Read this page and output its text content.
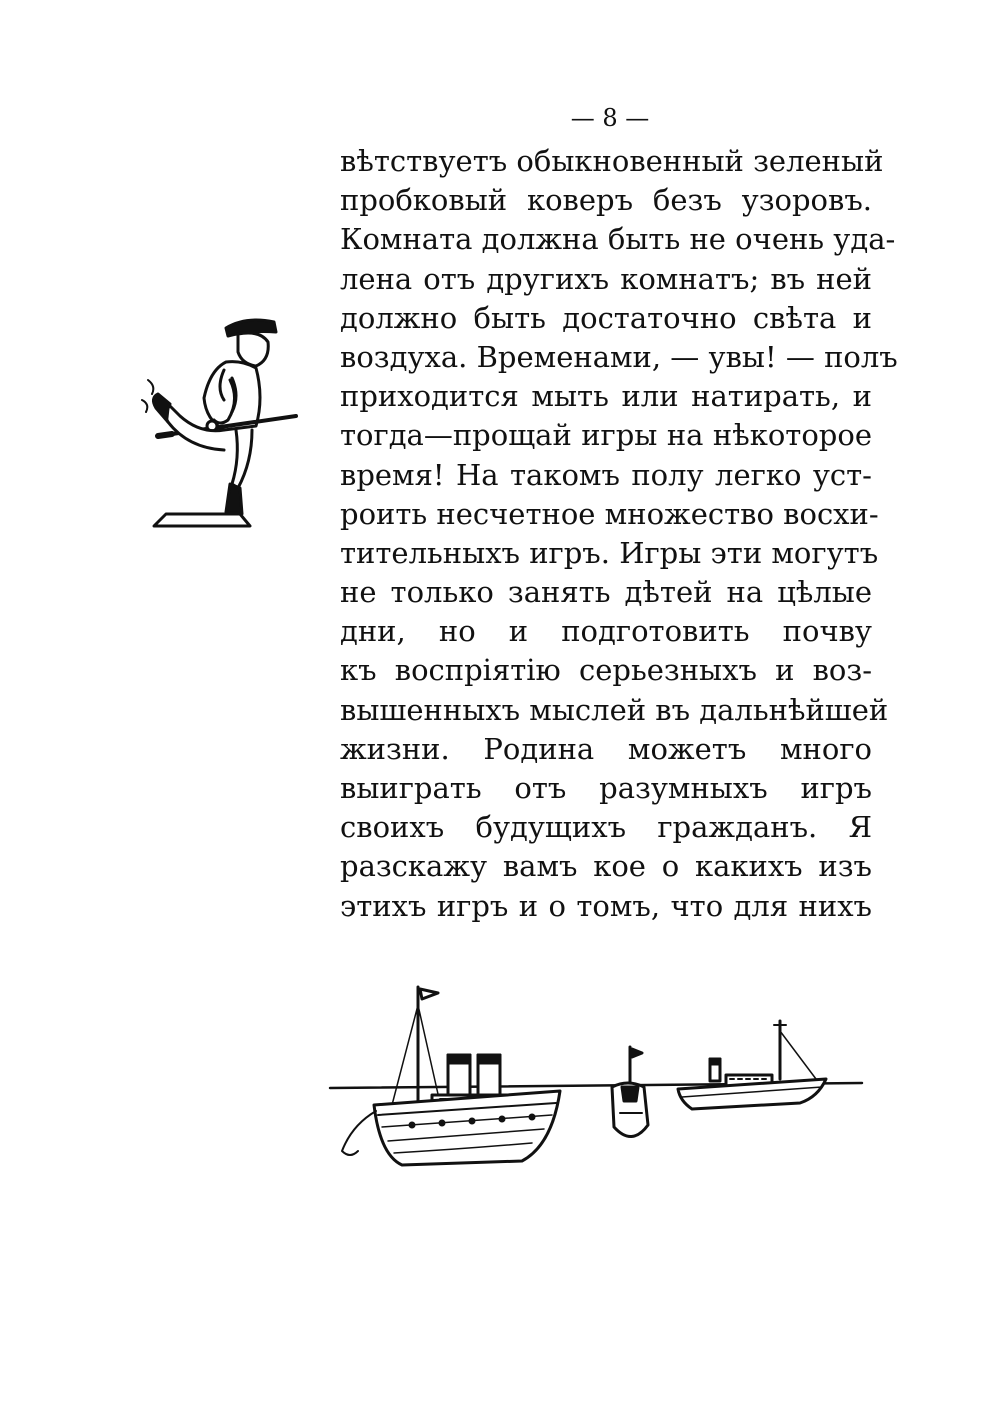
— 8 —
вѣтствуетъ обыкновенный зеленый
пробковый коверъ безъ узоровъ.
Комната должна быть не очень уда-
лена отъ другихъ комнатъ; въ ней
должно быть достаточно свѣта и
воздуха. Временами, — увы! — полъ
приходится мыть или натирать, и
тогда—прощай игры на нѣкоторое
время! На такомъ полу легко уст-
роить несчетное множество восхи-
тительныхъ игръ. Игры эти могутъ
не только занять дѣтей на цѣлые
дни, но и подготовить почву
къ воспріятію серьезныхъ и воз-
вышенныхъ мыслей въ дальнѣйшей
жизни. Родина можетъ много
выиграть отъ разумныхъ игръ
своихъ будущихъ гражданъ. Я
разскажу вамъ кое о какихъ изъ
этихъ игръ и о томъ, что для нихъ
